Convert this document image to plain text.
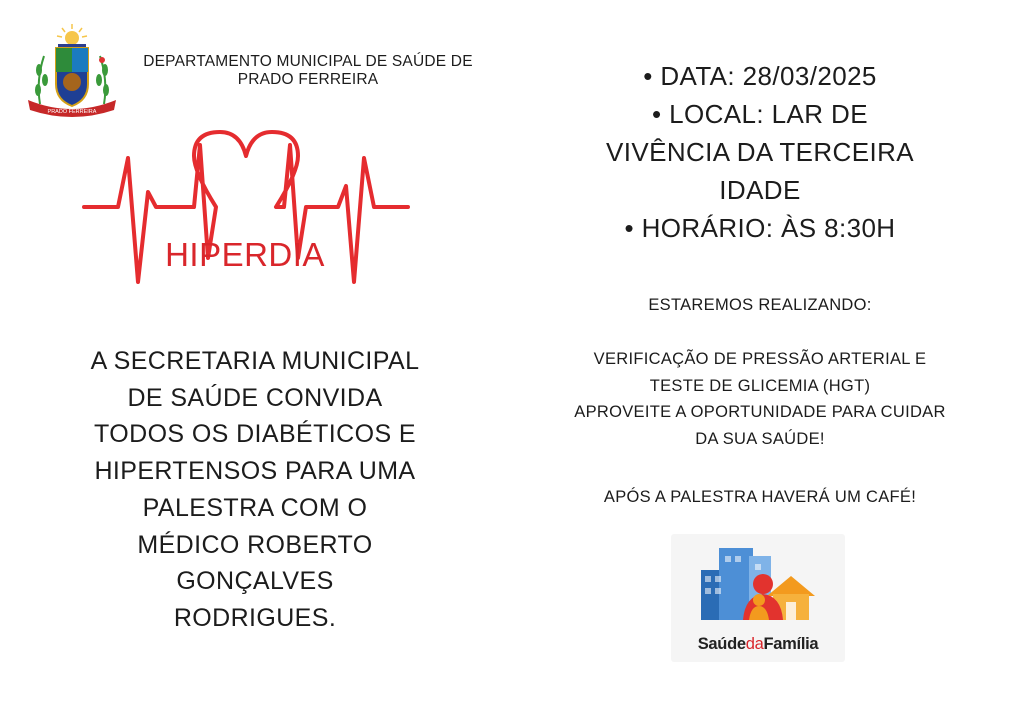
PRADO FERREIRA
DEPARTAMENTO MUNICIPAL DE SAÚDE DE
PRADO FERREIRA
HIPERDIA
A SECRETARIA MUNICIPAL
DE SAÚDE CONVIDA
TODOS OS DIABÉTICOS E
HIPERTENSOS PARA UMA
PALESTRA COM O
MÉDICO ROBERTO
GONÇALVES
RODRIGUES.
• DATA: 28/03/2025
• LOCAL: LAR DE
VIVÊNCIA DA TERCEIRA
IDADE
• HORÁRIO: ÀS 8:30H
ESTAREMOS REALIZANDO:
VERIFICAÇÃO DE PRESSÃO ARTERIAL E
TESTE DE GLICEMIA (HGT)
APROVEITE A OPORTUNIDADE PARA CUIDAR
DA SUA SAÚDE!
APÓS A PALESTRA HAVERÁ UM CAFÉ!
SaúdedaFamília
